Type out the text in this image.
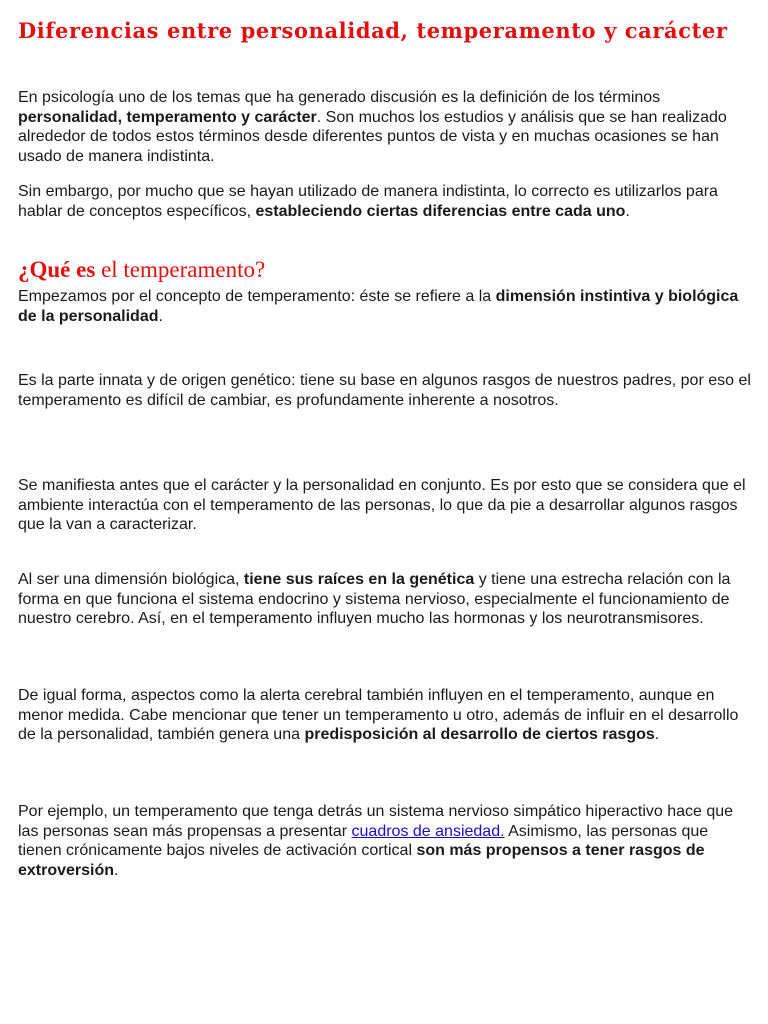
Diferencias entre personalidad, temperamento y carácter

En psicología uno de los temas que ha generado discusión es la definición de los términos personalidad, temperamento y carácter. Son muchos los estudios y análisis que se han realizado alrededor de todos estos términos desde diferentes puntos de vista y en muchas ocasiones se han usado de manera indistinta.

Sin embargo, por mucho que se hayan utilizado de manera indistinta, lo correcto es utilizarlos para hablar de conceptos específicos, estableciendo ciertas diferencias entre cada uno.

¿Qué es el temperamento?

Empezamos por el concepto de temperamento: éste se refiere a la dimensión instintiva y biológica de la personalidad.

Es la parte innata y de origen genético: tiene su base en algunos rasgos de nuestros padres, por eso el temperamento es difícil de cambiar, es profundamente inherente a nosotros.

Se manifiesta antes que el carácter y la personalidad en conjunto. Es por esto que se considera que el ambiente interactúa con el temperamento de las personas, lo que da pie a desarrollar algunos rasgos que la van a caracterizar.

Al ser una dimensión biológica, tiene sus raíces en la genética y tiene una estrecha relación con la forma en que funciona el sistema endocrino y sistema nervioso, especialmente el funcionamiento de nuestro cerebro. Así, en el temperamento influyen mucho las hormonas y los neurotransmisores.

De igual forma, aspectos como la alerta cerebral también influyen en el temperamento, aunque en menor medida. Cabe mencionar que tener un temperamento u otro, además de influir en el desarrollo de la personalidad, también genera una predisposición al desarrollo de ciertos rasgos.

Por ejemplo, un temperamento que tenga detrás un sistema nervioso simpático hiperactivo hace que las personas sean más propensas a presentar cuadros de ansiedad. Asimismo, las personas que tienen crónicamente bajos niveles de activación cortical son más propensos a tener rasgos de extroversión.
